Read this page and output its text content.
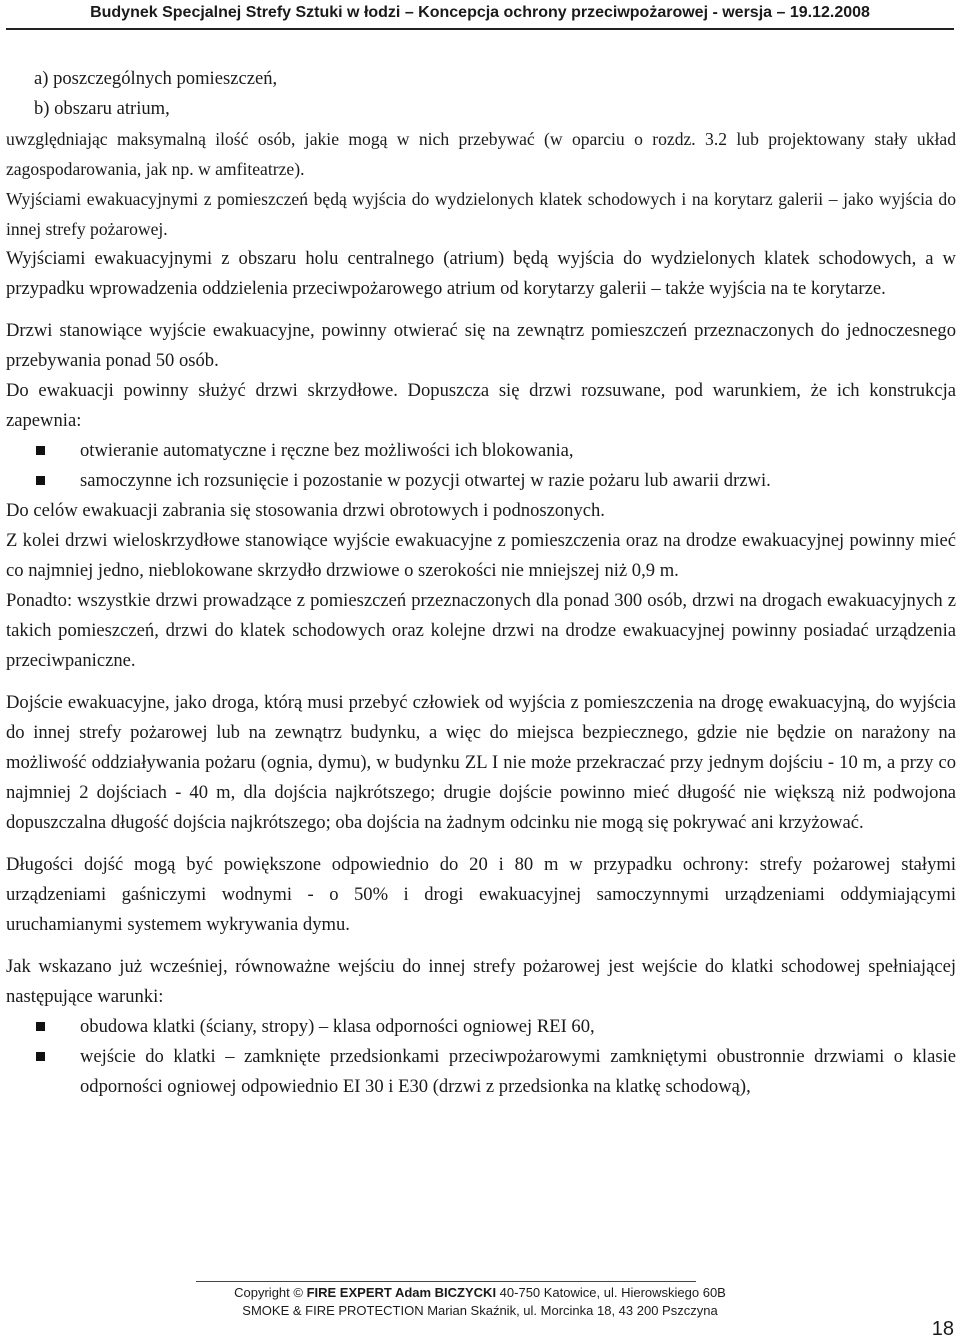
Budynek Specjalnej Strefy Sztuki w łodzi – Koncepcja ochrony przeciwpożarowej - wersja – 19.12.2008

a) poszczególnych pomieszczeń,

b) obszaru atrium,

uwzględniając maksymalną ilość osób, jakie mogą w nich przebywać (w oparciu o rozdz. 3.2 lub projektowany stały układ zagospodarowania, jak np. w amfiteatrze).

Wyjściami ewakuacyjnymi z pomieszczeń będą wyjścia do wydzielonych klatek schodowych i na korytarz galerii – jako wyjścia do innej strefy pożarowej.

Wyjściami ewakuacyjnymi z obszaru holu centralnego (atrium) będą wyjścia do wydzielonych klatek schodowych, a w przypadku wprowadzenia oddzielenia przeciwpożarowego atrium od korytarzy galerii – także wyjścia na te korytarze.

Drzwi stanowiące wyjście ewakuacyjne, powinny otwierać się na zewnątrz pomieszczeń przeznaczonych do jednoczesnego przebywania ponad 50 osób.

Do ewakuacji powinny służyć drzwi skrzydłowe. Dopuszcza się drzwi rozsuwane, pod warunkiem, że ich konstrukcja zapewnia:

otwieranie automatyczne i ręczne bez możliwości ich blokowania,
samoczynne ich rozsunięcie i pozostanie w pozycji otwartej w razie pożaru lub awarii drzwi.

Do celów ewakuacji zabrania się stosowania drzwi obrotowych i podnoszonych.

Z kolei drzwi wieloskrzydłowe stanowiące wyjście ewakuacyjne z pomieszczenia oraz na drodze ewakuacyjnej powinny mieć co najmniej jedno, nieblokowane skrzydło drzwiowe o szerokości nie mniejszej niż 0,9 m.

Ponadto: wszystkie drzwi prowadzące z pomieszczeń przeznaczonych dla ponad 300 osób, drzwi na drogach ewakuacyjnych z takich pomieszczeń, drzwi do klatek schodowych oraz kolejne drzwi na drodze ewakuacyjnej powinny posiadać urządzenia przeciwpaniczne.

Dojście ewakuacyjne, jako droga, którą musi przebyć człowiek od wyjścia z pomieszczenia na drogę ewakuacyjną, do wyjścia do innej strefy pożarowej lub na zewnątrz budynku, a więc do miejsca bezpiecznego, gdzie nie będzie on narażony na możliwość oddziaływania pożaru (ognia, dymu), w budynku ZL I nie może przekraczać przy jednym dojściu - 10 m, a przy co najmniej 2 dojściach - 40 m, dla dojścia najkrótszego; drugie dojście powinno mieć długość nie większą niż podwojona dopuszczalna długość dojścia najkrótszego; oba dojścia na żadnym odcinku nie mogą się pokrywać ani krzyżować.

Długości dojść mogą być powiększone odpowiednio do 20 i 80 m w przypadku ochrony: strefy pożarowej stałymi urządzeniami gaśniczymi wodnymi - o 50% i drogi ewakuacyjnej samoczynnymi urządzeniami oddymiającymi uruchamianymi systemem wykrywania dymu.

Jak wskazano już wcześniej, równoważne wejściu do innej strefy pożarowej jest wejście do klatki schodowej spełniającej następujące warunki:

obudowa klatki (ściany, stropy) – klasa odporności ogniowej REI 60,
wejście do klatki – zamknięte przedsionkami przeciwpożarowymi zamkniętymi obustronnie drzwiami o klasie odporności ogniowej odpowiednio EI 30 i E30 (drzwi z przedsionka na klatkę schodową),
Copyright © FIRE EXPERT Adam BICZYCKI 40-750 Katowice, ul. Hierowskiego 60B
SMOKE & FIRE PROTECTION Marian Skaźnik, ul. Morcinka 18, 43 200 Pszczyna
18
